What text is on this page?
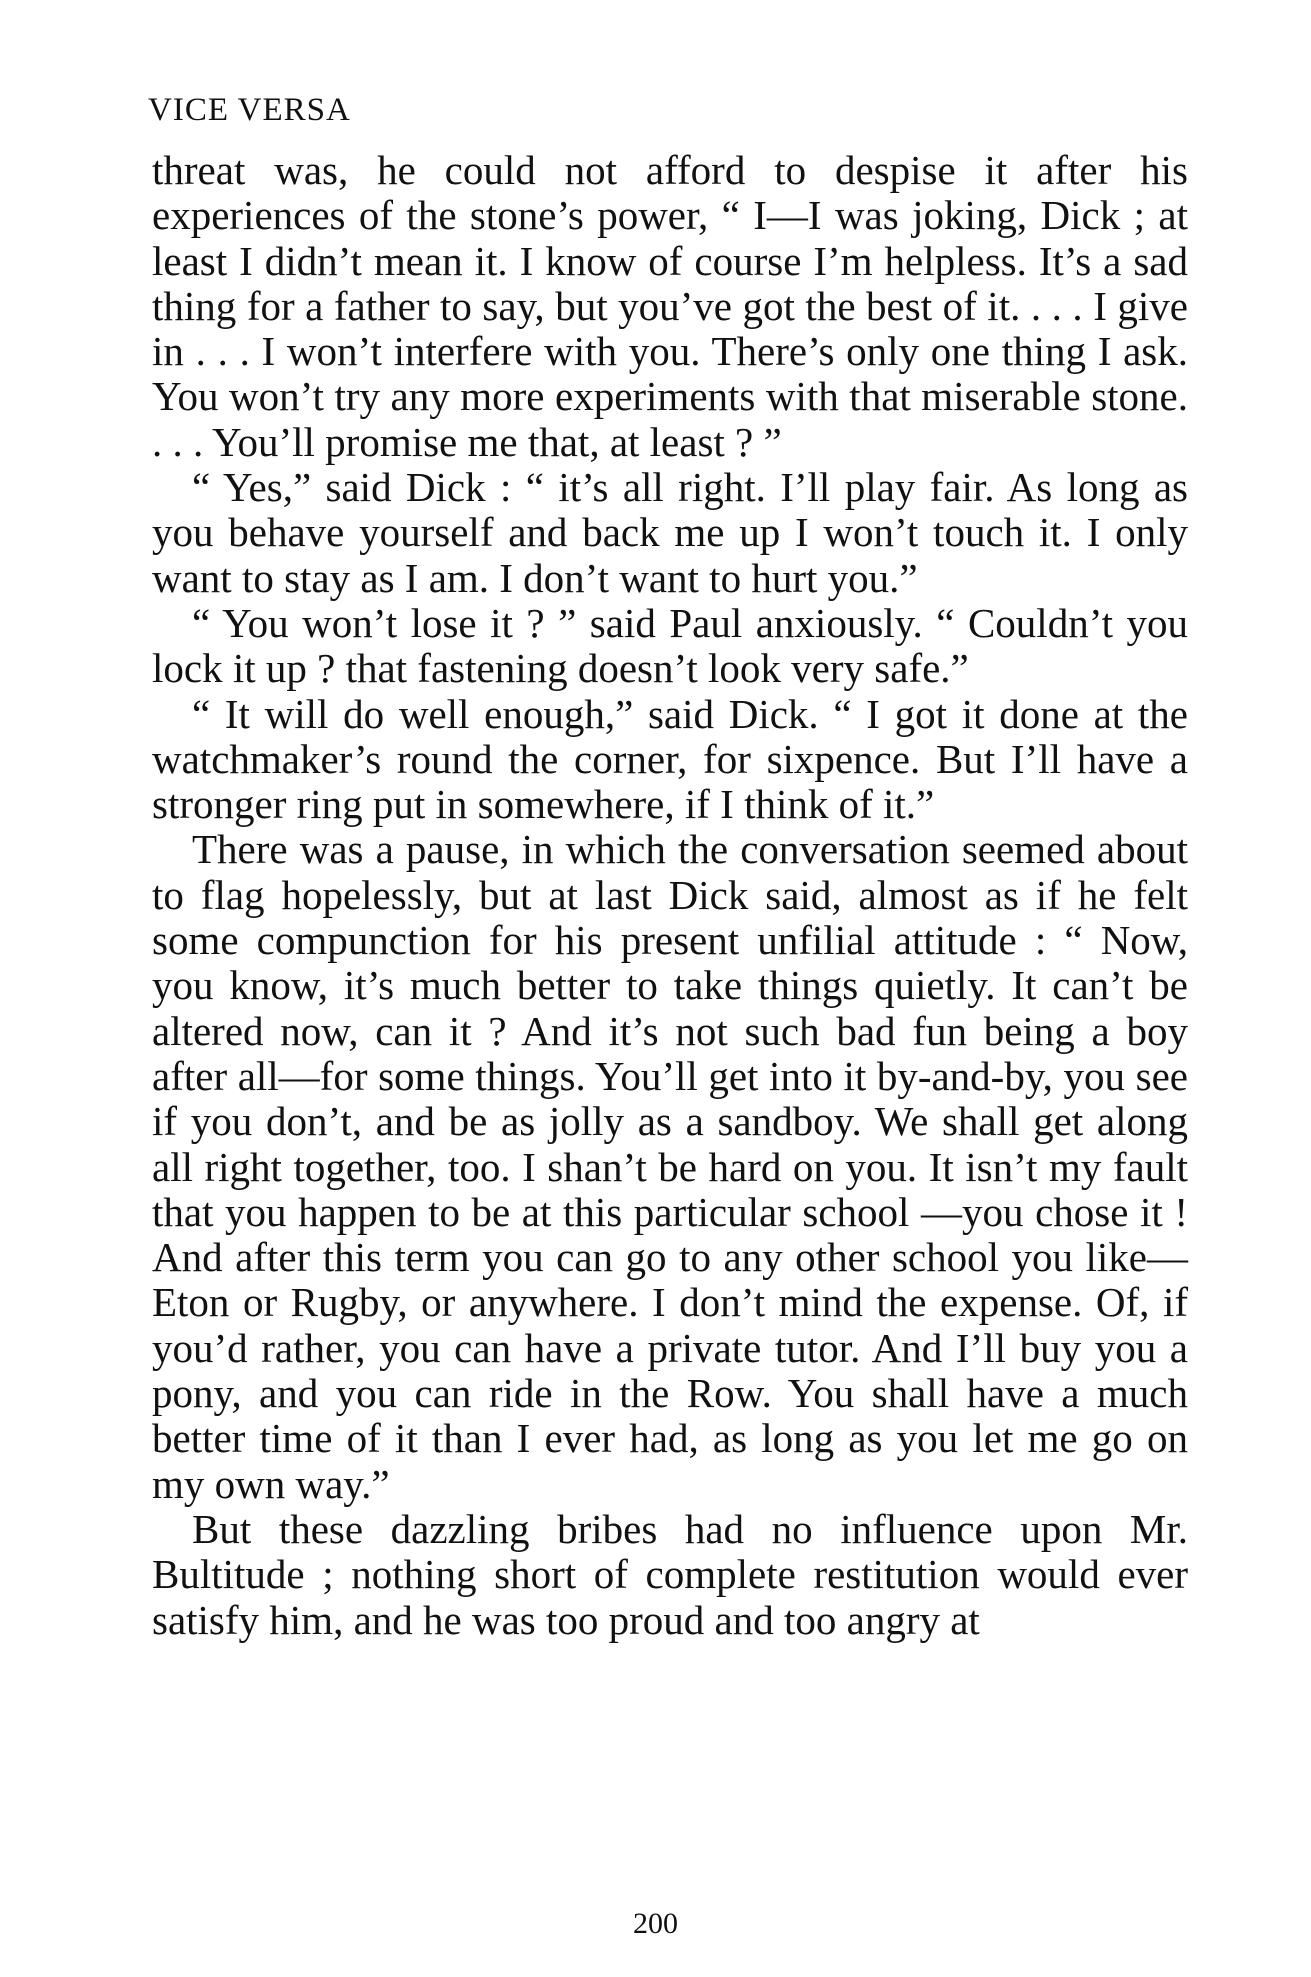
VICE VERSA

threat was, he could not afford to despise it after his experiences of the stone’s power, “ I—I was joking, Dick ; at least I didn’t mean it. I know of course I’m helpless. It’s a sad thing for a father to say, but you’ve got the best of it. . . . I give in . . . I won’t interfere with you. There’s only one thing I ask. You won’t try any more experiments with that miserable stone. . . . You’ll promise me that, at least ? ”

“ Yes,” said Dick : “ it’s all right. I’ll play fair. As long as you behave yourself and back me up I won’t touch it. I only want to stay as I am. I don’t want to hurt you.”

“ You won’t lose it ? ” said Paul anxiously. “ Couldn’t you lock it up ? that fastening doesn’t look very safe.”

“ It will do well enough,” said Dick. “ I got it done at the watchmaker’s round the corner, for sixpence. But I’ll have a stronger ring put in somewhere, if I think of it.”

There was a pause, in which the conversation seemed about to flag hopelessly, but at last Dick said, almost as if he felt some compunction for his present unfilial attitude : “ Now, you know, it’s much better to take things quietly. It can’t be altered now, can it ? And it’s not such bad fun being a boy after all—for some things. You’ll get into it by-and-by, you see if you don’t, and be as jolly as a sandboy. We shall get along all right together, too. I shan’t be hard on you. It isn’t my fault that you happen to be at this particular school —you chose it ! And after this term you can go to any other school you like—Eton or Rugby, or anywhere. I don’t mind the expense. Of, if you’d rather, you can have a private tutor. And I’ll buy you a pony, and you can ride in the Row. You shall have a much better time of it than I ever had, as long as you let me go on my own way.”

But these dazzling bribes had no influence upon Mr. Bultitude ; nothing short of complete restitution would ever satisfy him, and he was too proud and too angry at

200
